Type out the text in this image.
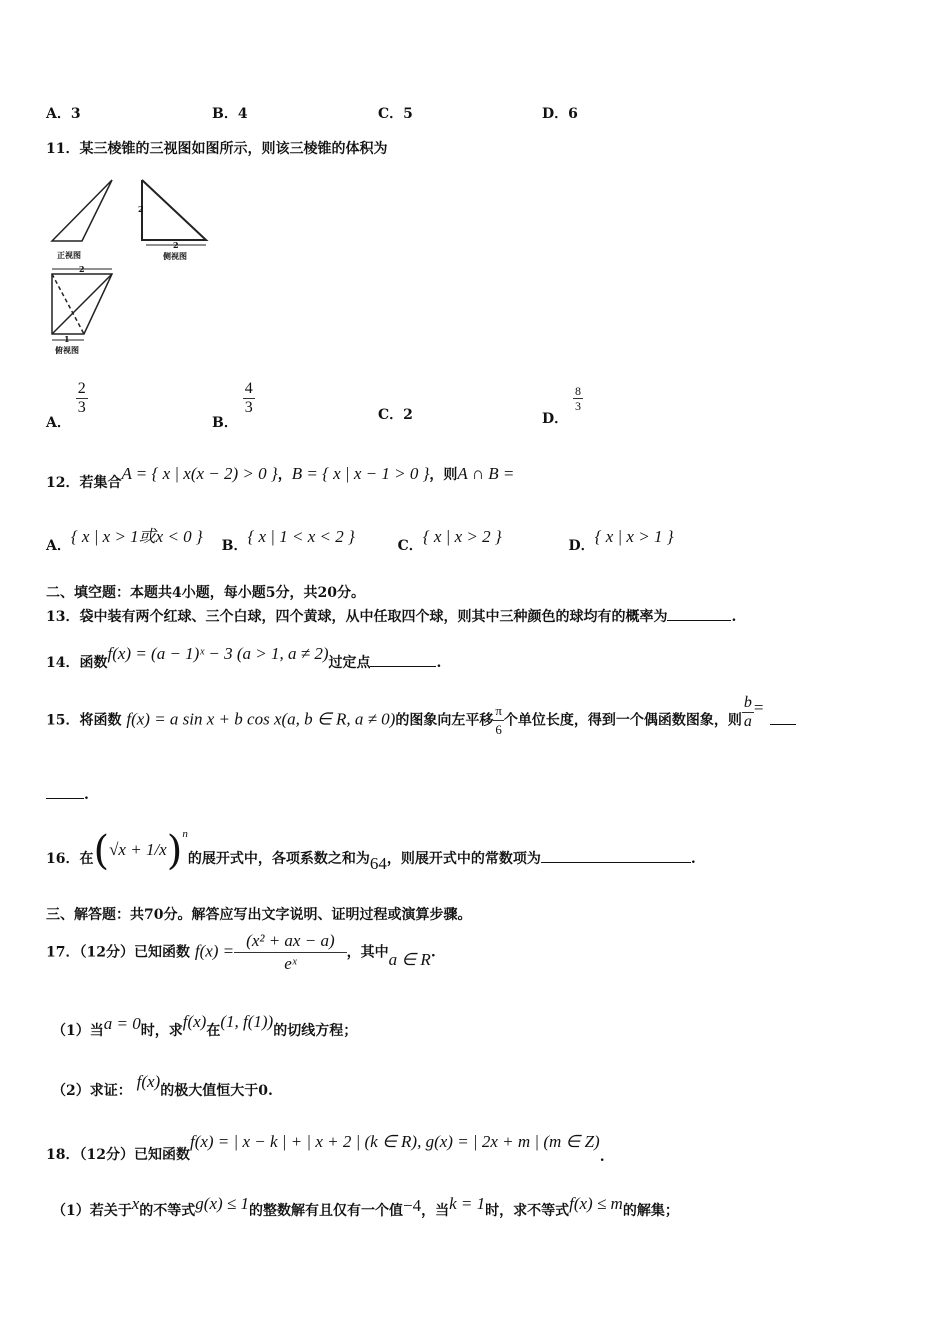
A．3	B．4	C．5	D．6
11．某三棱锥的三视图如图所示，则该三棱锥的体积为
正视图	侧视图
俯视图
2
2
2
1
A．
$\frac{2}{3}$
B．
$\frac{4}{3}$	C．2	D．
$\frac{8}{3}$
12．若集合A = { x | x(x − 2) > 0 }，B = { x | x − 1 > 0 }，则A ∩ B =
A．{ x | x > 1或x < 0 } B．{ x | 1 < x < 2 }	C．{ x | x > 2 }	D．{ x | x > 1 }
二、填空题：本题共4小题，每小题5分，共20分。
13．袋中装有两个红球、三个白球，四个黄球，从中任取四个球，则其中三种颜色的球均有的概率为	.
14．函数f(x) = (a − 1)ˣ − 3 (a > 1, a ≠ 2)过定点	.
15．将函数 f(x) = a sin x + b cos x(a, b ∈ R, a ≠ 0)的图象向左平移 $\frac{\pi}{6}$ 个单位长度，得到一个偶函数图象，则 $\frac{b}{a}$ =
.
16．在$(√x + 1/x)^n$的展开式中，各项系数之和为64，则展开式中的常数项为	.
三、解答题：共70分。解答应写出文字说明、证明过程或演算步骤。
17．（12分）已知函数 $f(x) = \frac{\text{(x² + ax − a)}}{\text{eˣ}}$ ，其中a ∈ R.
（1）当a = 0时，求f(x)在(1, f(1))的切线方程；
（2）求证： f(x)的极大值恒大于0.
18．（12分）已知函数f(x) = | x − k | + | x + 2 | (k ∈ R), g(x) = | 2x + m | (m ∈ Z).
（1）若关于x的不等式g(x) ≤ 1的整数解有且仅有一个值−4，当k = 1时，求不等式f(x) ≤ m的解集；
